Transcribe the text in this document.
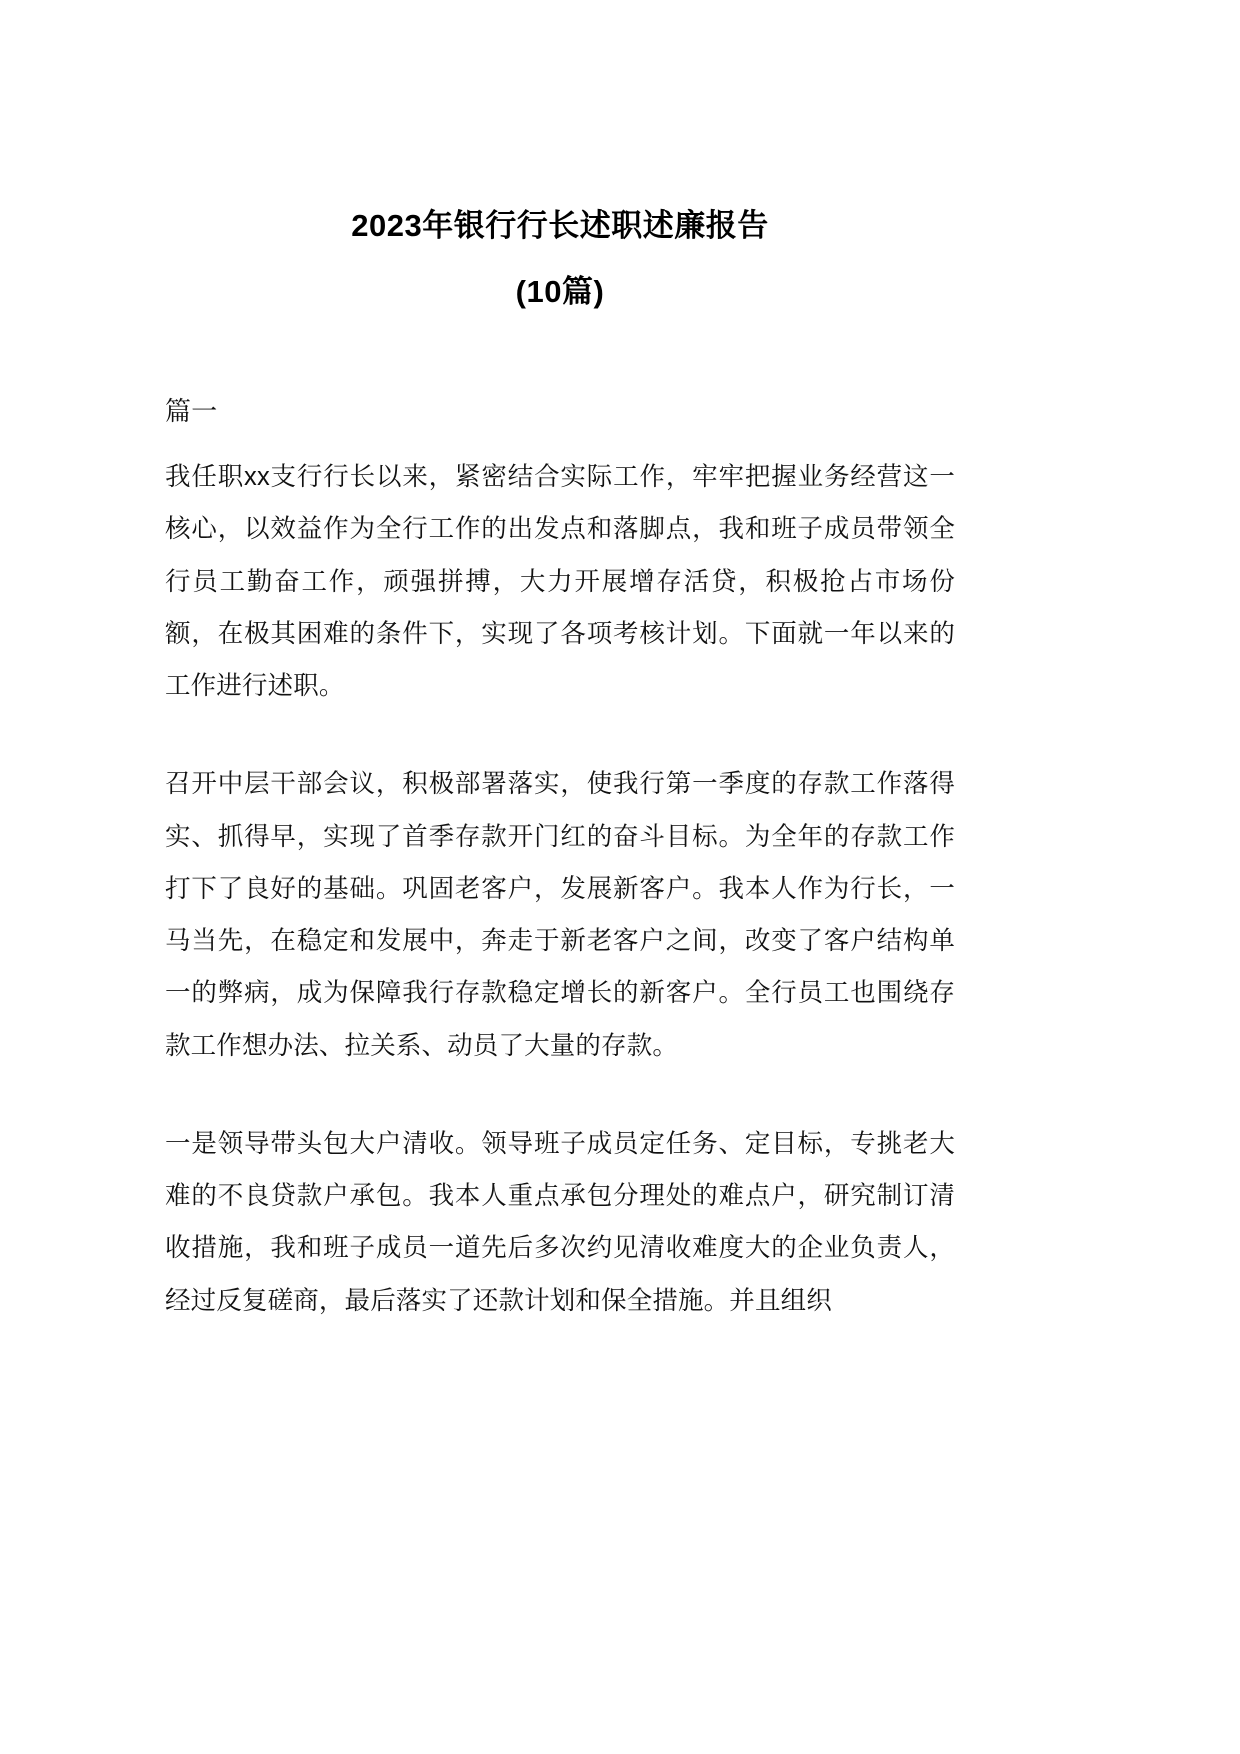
2023年银行行长述职述廉报告
(10篇)

篇一

我任职xx支行行长以来，紧密结合实际工作，牢牢把握业务经营这一核心，以效益作为全行工作的出发点和落脚点，我和班子成员带领全行员工勤奋工作，顽强拼搏，大力开展增存活贷，积极抢占市场份额，在极其困难的条件下，实现了各项考核计划。下面就一年以来的工作进行述职。

召开中层干部会议，积极部署落实，使我行第一季度的存款工作落得实、抓得早，实现了首季存款开门红的奋斗目标。为全年的存款工作打下了良好的基础。巩固老客户，发展新客户。我本人作为行长，一马当先，在稳定和发展中，奔走于新老客户之间，改变了客户结构单一的弊病，成为保障我行存款稳定增长的新客户。全行员工也围绕存款工作想办法、拉关系、动员了大量的存款。

一是领导带头包大户清收。领导班子成员定任务、定目标，专挑老大难的不良贷款户承包。我本人重点承包分理处的难点户，研究制订清收措施，我和班子成员一道先后多次约见清收难度大的企业负责人，经过反复磋商，最后落实了还款计划和保全措施。并且组织
